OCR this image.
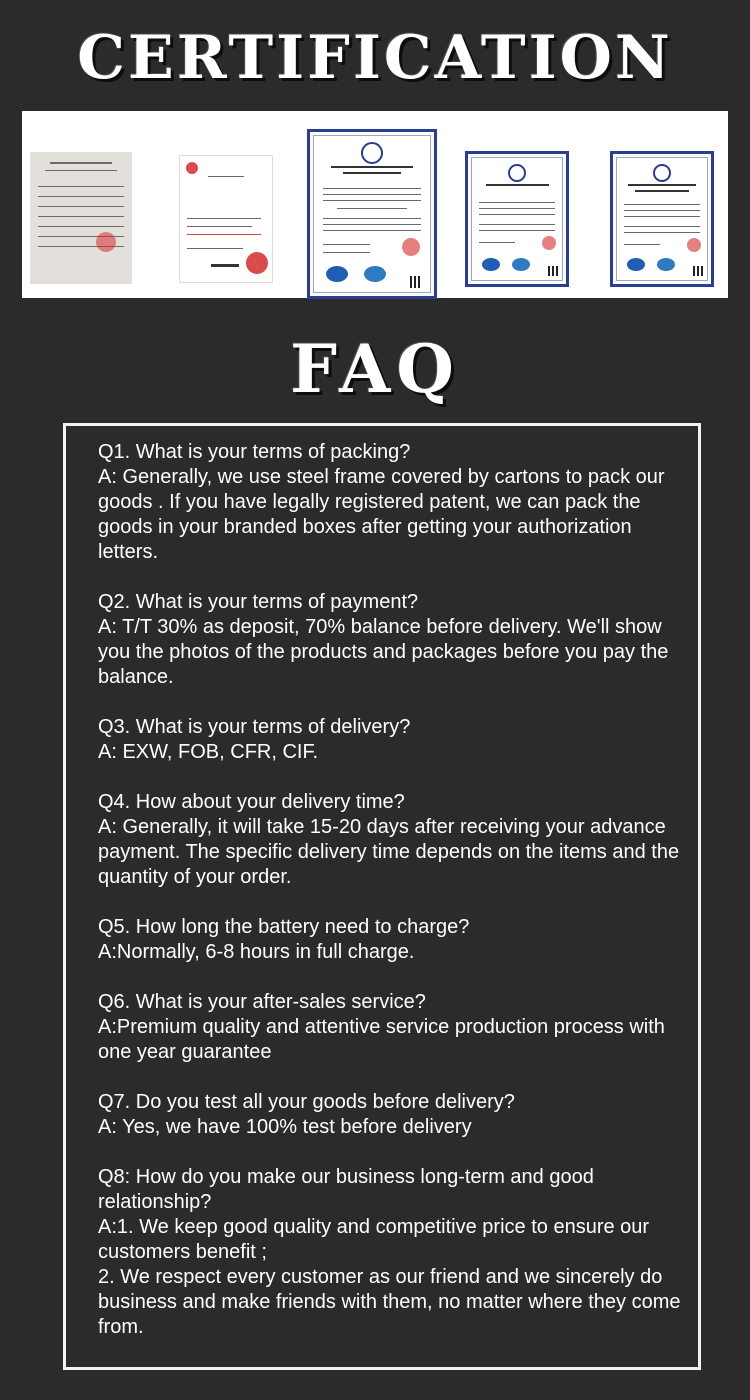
CERTIFICATION
FAQ

Q1. What is your terms of packing?

A: Generally, we use steel frame covered by cartons to pack our goods . If you have legally registered patent, we can pack the goods in your branded boxes after getting your authorization letters.

Q2. What is your terms of payment?

A: T/T 30% as deposit, 70% balance before delivery. We'll show you the photos of the products and packages before you pay the balance.

Q3. What is your terms of delivery?

A: EXW, FOB, CFR, CIF.

Q4. How about your delivery time?

A: Generally, it will take 15-20 days after receiving your advance payment. The specific delivery time depends on the items and the quantity of your order.

Q5. How long the battery need to charge?

A:Normally, 6-8 hours in full charge.

Q6. What is your after-sales service?

A:Premium quality and attentive service production process with one year guarantee

Q7. Do you test all your goods before delivery?

A: Yes, we have 100% test before delivery

Q8: How do you make our business long-term and good relationship?

A:1. We keep good quality and competitive price to ensure our customers benefit ;

2. We respect every customer as our friend and we sincerely do business and make friends with them, no matter where they come from.
